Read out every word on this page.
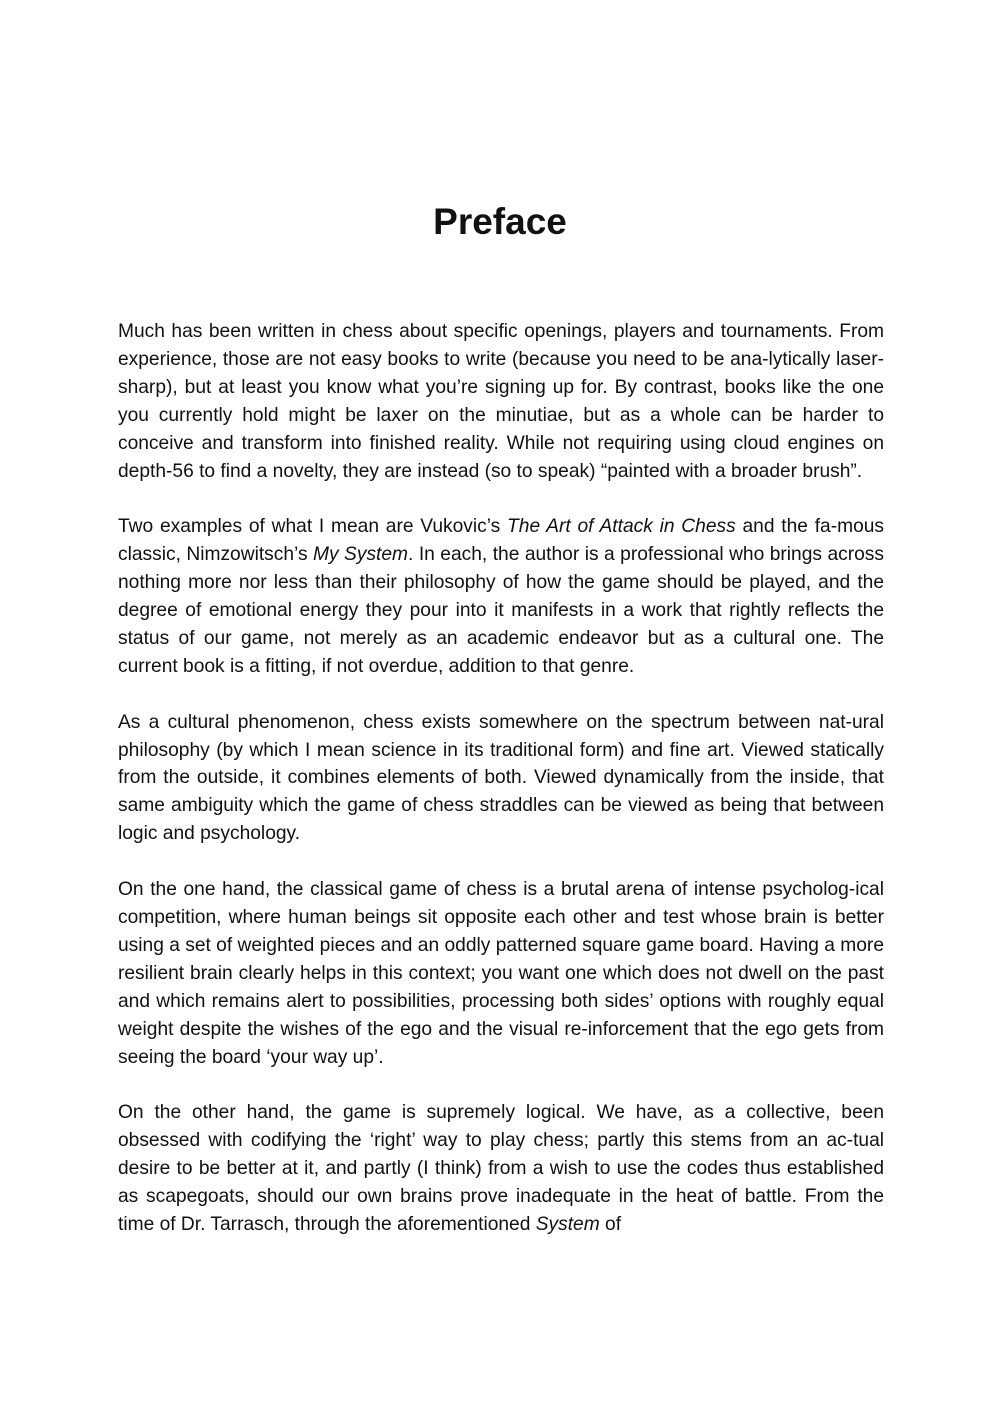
Preface

Much has been written in chess about specific openings, players and tournaments. From experience, those are not easy books to write (because you need to be ana-lytically laser-sharp), but at least you know what you’re signing up for. By contrast, books like the one you currently hold might be laxer on the minutiae, but as a whole can be harder to conceive and transform into finished reality. While not requiring using cloud engines on depth-56 to find a novelty, they are instead (so to speak) “painted with a broader brush”.

Two examples of what I mean are Vukovic’s The Art of Attack in Chess and the fa-mous classic, Nimzowitsch’s My System. In each, the author is a professional who brings across nothing more nor less than their philosophy of how the game should be played, and the degree of emotional energy they pour into it manifests in a work that rightly reflects the status of our game, not merely as an academic endeavor but as a cultural one. The current book is a fitting, if not overdue, addition to that genre.

As a cultural phenomenon, chess exists somewhere on the spectrum between nat-ural philosophy (by which I mean science in its traditional form) and fine art. Viewed statically from the outside, it combines elements of both. Viewed dynamically from the inside, that same ambiguity which the game of chess straddles can be viewed as being that between logic and psychology.

On the one hand, the classical game of chess is a brutal arena of intense psycholog-ical competition, where human beings sit opposite each other and test whose brain is better using a set of weighted pieces and an oddly patterned square game board. Having a more resilient brain clearly helps in this context; you want one which does not dwell on the past and which remains alert to possibilities, processing both sides’ options with roughly equal weight despite the wishes of the ego and the visual re-inforcement that the ego gets from seeing the board ‘your way up’.

On the other hand, the game is supremely logical. We have, as a collective, been obsessed with codifying the ‘right’ way to play chess; partly this stems from an ac-tual desire to be better at it, and partly (I think) from a wish to use the codes thus established as scapegoats, should our own brains prove inadequate in the heat of battle. From the time of Dr. Tarrasch, through the aforementioned System of
